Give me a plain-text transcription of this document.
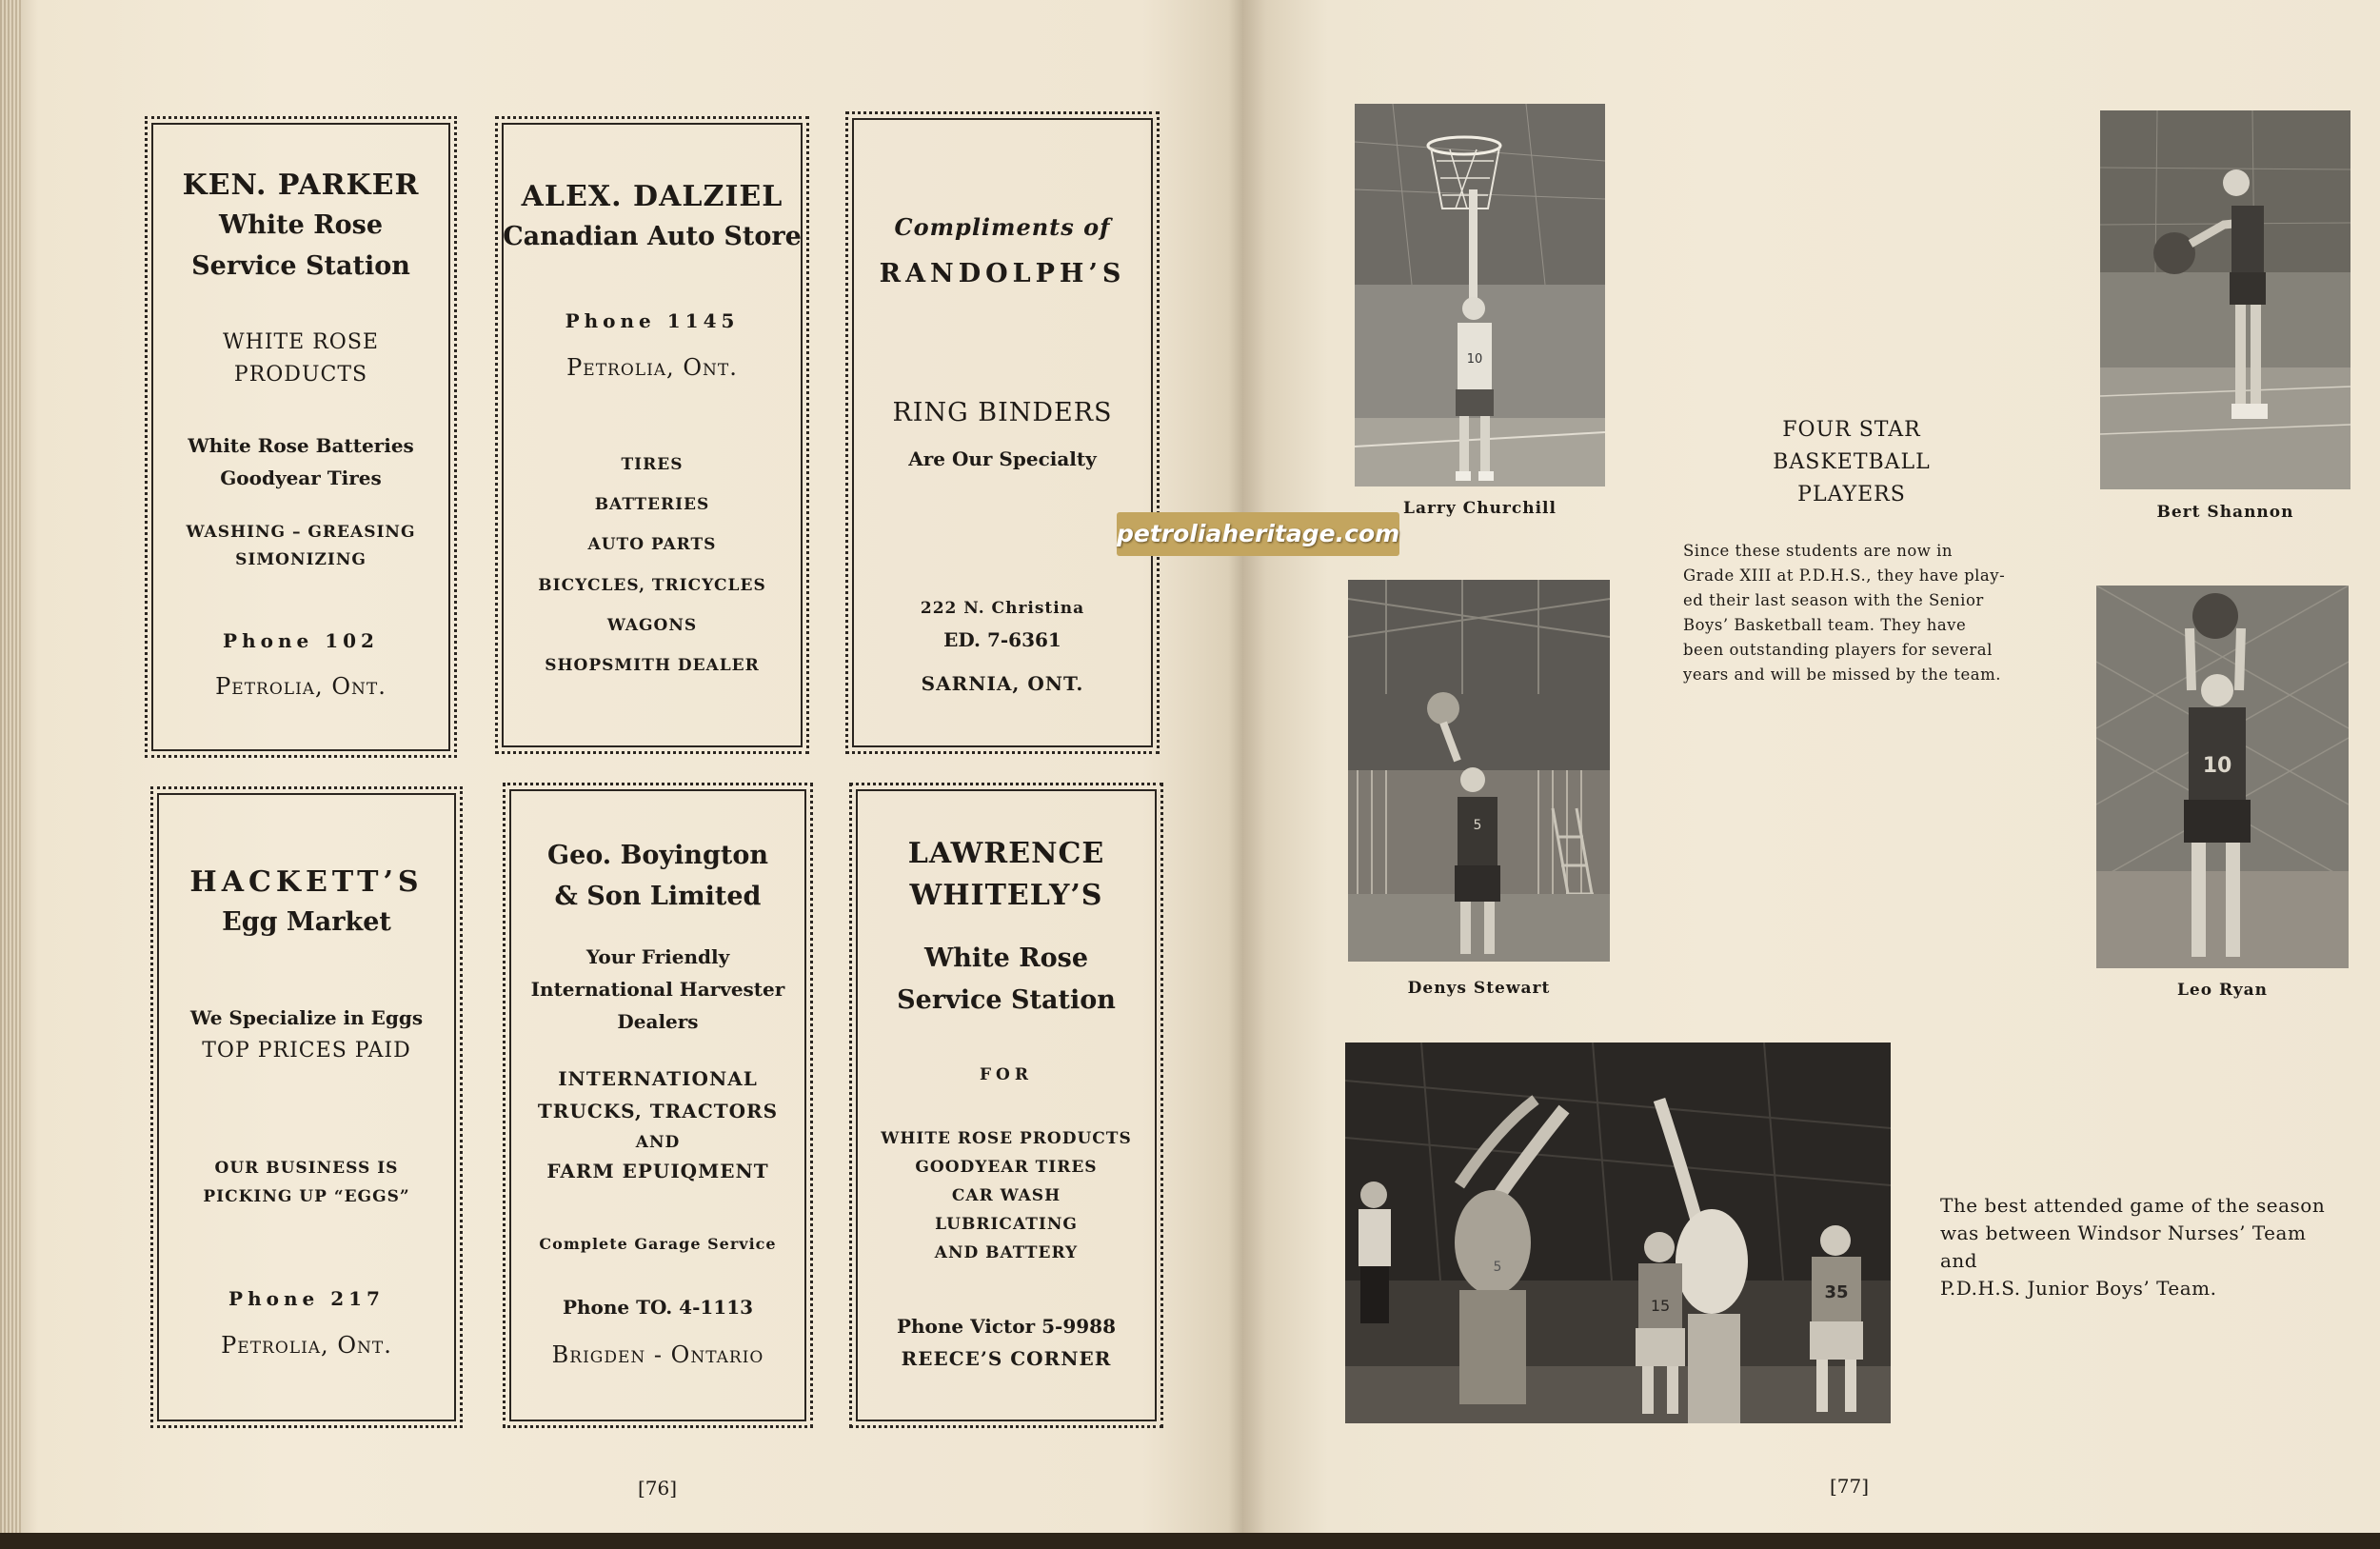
KEN. PARKER
White Rose
Service Station
WHITE ROSE
PRODUCTS
White Rose Batteries
Goodyear Tires
WASHING – GREASING
SIMONIZING
Phone 102
Petrolia, Ont.
ALEX. DALZIEL
Canadian Auto Store
Phone 1145
Petrolia, Ont.
TIRES
BATTERIES
AUTO PARTS
BICYCLES, TRICYCLES
WAGONS
SHOPSMITH DEALER
Compliments of
RANDOLPH’S
RING BINDERS
Are Our Specialty
222 N. Christina
ED. 7-6361
SARNIA, ONT.
HACKETT’S
Egg Market
We Specialize in Eggs
TOP PRICES PAID
OUR BUSINESS IS
PICKING UP “EGGS”
Phone 217
Petrolia, Ont.
Geo. Boyington
& Son Limited
Your Friendly
International Harvester
Dealers
INTERNATIONAL
TRUCKS, TRACTORS
AND
FARM EPUIQMENT
Complete Garage Service
Phone TO. 4-1113
Brigden - Ontario
LAWRENCE
WHITELY’S
White Rose
Service Station
FOR
WHITE ROSE PRODUCTS
GOODYEAR TIRES
CAR WASH
LUBRICATING
AND BATTERY
Phone Victor 5-9988
REECE’S CORNER
[76]
10
Larry Churchill	Bert Shannon
5
Denys Stewart
10
Leo Ryan
FOUR STAR
BASKETBALL
PLAYERS
Since these students are now in
Grade XIII at P.D.H.S., they have play-
ed their last season with the Senior
Boys’ Basketball team. They have
been outstanding players for several
years and will be missed by the team.
5
15
35
The best attended game of the season
was between Windsor Nurses’ Team and
P.D.H.S. Junior Boys’ Team.
[77]
petroliaheritage.com
